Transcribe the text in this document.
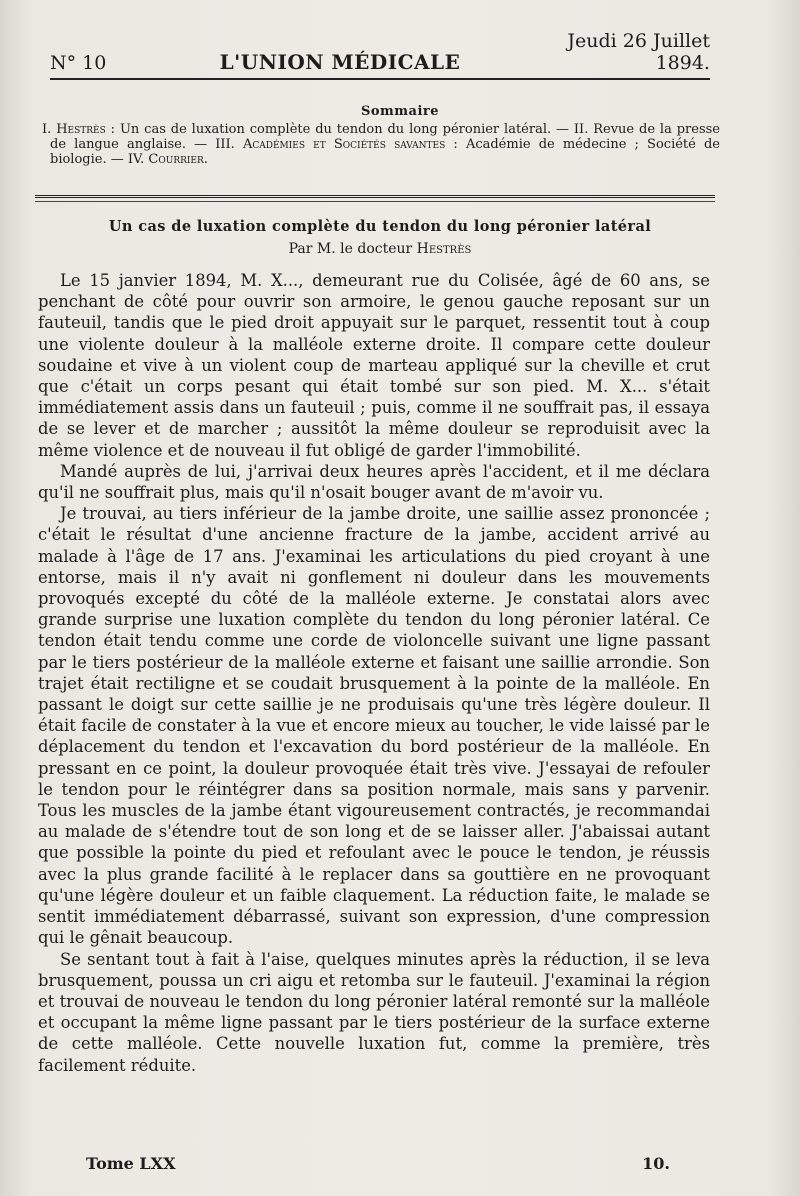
N° 10	L'UNION MÉDICALE
Jeudi 26 Juillet 1894.
Sommaire
I. Hestrès : Un cas de luxation complète du tendon du long péronier latéral. — II. Revue de la presse de langue anglaise. — III. Académies et Sociétés savantes : Académie de médecine ; Société de biologie. — IV. Courrier.
Un cas de luxation complète du tendon du long péronier latéral
Par M. le docteur Hestrès

Le 15 janvier 1894, M. X..., demeurant rue du Colisée, âgé de 60 ans, se penchant de côté pour ouvrir son armoire, le genou gauche reposant sur un fauteuil, tandis que le pied droit appuyait sur le parquet, ressentit tout à coup une violente douleur à la malléole externe droite. Il compare cette douleur soudaine et vive à un violent coup de marteau appliqué sur la cheville et crut que c'était un corps pesant qui était tombé sur son pied. M. X... s'était immédiatement assis dans un fauteuil ; puis, comme il ne souffrait pas, il essaya de se lever et de marcher ; aussitôt la même douleur se reproduisit avec la même violence et de nouveau il fut obligé de garder l'immobilité.

Mandé auprès de lui, j'arrivai deux heures après l'accident, et il me déclara qu'il ne souffrait plus, mais qu'il n'osait bouger avant de m'avoir vu.

Je trouvai, au tiers inférieur de la jambe droite, une saillie assez prononcée ; c'était le résultat d'une ancienne fracture de la jambe, accident arrivé au malade à l'âge de 17 ans. J'examinai les articulations du pied croyant à une entorse, mais il n'y avait ni gonflement ni douleur dans les mouvements provoqués excepté du côté de la malléole externe. Je constatai alors avec grande surprise une luxation complète du tendon du long péronier latéral. Ce tendon était tendu comme une corde de violoncelle suivant une ligne passant par le tiers postérieur de la malléole externe et faisant une saillie arrondie. Son trajet était rectiligne et se coudait brusquement à la pointe de la malléole. En passant le doigt sur cette saillie je ne produisais qu'une très légère douleur. Il était facile de constater à la vue et encore mieux au toucher, le vide laissé par le déplacement du tendon et l'excavation du bord postérieur de la malléole. En pressant en ce point, la douleur provoquée était très vive. J'essayai de refouler le tendon pour le réintégrer dans sa position normale, mais sans y parvenir. Tous les muscles de la jambe étant vigoureusement contractés, je recommandai au malade de s'étendre tout de son long et de se laisser aller. J'abaissai autant que possible la pointe du pied et refoulant avec le pouce le tendon, je réussis avec la plus grande facilité à le replacer dans sa gouttière en ne provoquant qu'une légère douleur et un faible claquement. La réduction faite, le malade se sentit immédiatement débarrassé, suivant son expression, d'une compression qui le gênait beaucoup.

Se sentant tout à fait à l'aise, quelques minutes après la réduction, il se leva brusquement, poussa un cri aigu et retomba sur le fauteuil. J'examinai la région et trouvai de nouveau le tendon du long péronier latéral remonté sur la malléole et occupant la même ligne passant par le tiers postérieur de la surface externe de cette malléole. Cette nouvelle luxation fut, comme la première, très facilement réduite.

Tome LXX	10.
